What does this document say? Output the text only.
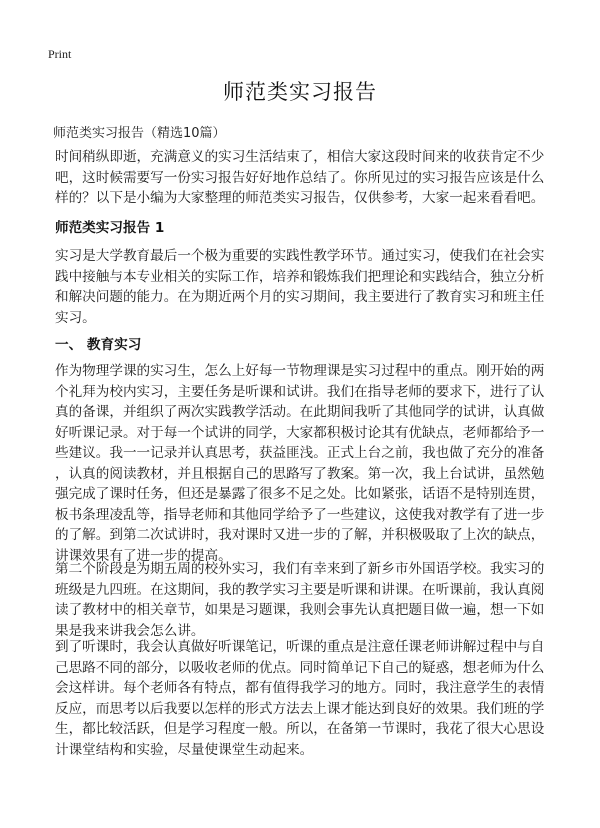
Print
师范类实习报告
师范类实习报告（精选10篇）
时间稍纵即逝，充满意义的实习生活结束了，相信大家这段时间来的收获肯定不少
吧，这时候需要写一份实习报告好好地作总结了。你所见过的实习报告应该是什么
样的？以下是小编为大家整理的师范类实习报告，仅供参考，大家一起来看看吧。
师范类实习报告 1
实习是大学教育最后一个极为重要的实践性教学环节。通过实习，使我们在社会实
践中接触与本专业相关的实际工作，培养和锻炼我们把理论和实践结合，独立分析
和解决问题的能力。在为期近两个月的实习期间，我主要进行了教育实习和班主任
实习。
一、 教育实习
作为物理学课的实习生，怎么上好每一节物理课是实习过程中的重点。刚开始的两
个礼拜为校内实习，主要任务是听课和试讲。我们在指导老师的要求下，进行了认
真的备课，并组织了两次实践教学活动。在此期间我听了其他同学的试讲，认真做
好听课记录。对于每一个试讲的同学，大家都积极讨论其有优缺点，老师都给予一
些建议。我一一记录并认真思考，获益匪浅。正式上台之前，我也做了充分的准备
，认真的阅读教材，并且根据自己的思路写了教案。第一次，我上台试讲，虽然勉
强完成了课时任务，但还是暴露了很多不足之处。比如紧张，话语不是特别连贯，
板书条理凌乱等，指导老师和其他同学给予了一些建议，这使我对教学有了进一步
的了解。到第二次试讲时，我对课时又进一步的了解，并积极吸取了上次的缺点，
讲课效果有了进一步的提高。
第二个阶段是为期五周的校外实习，我们有幸来到了新乡市外国语学校。我实习的
班级是九四班。在这期间，我的教学实习主要是听课和讲课。在听课前，我认真阅
读了教材中的相关章节，如果是习题课，我则会事先认真把题目做一遍，想一下如
果是我来讲我会怎么讲。
到了听课时，我会认真做好听课笔记，听课的重点是注意任课老师讲解过程中与自
己思路不同的部分，以吸收老师的优点。同时简单记下自己的疑惑，想老师为什么
会这样讲。每个老师各有特点，都有值得我学习的地方。同时，我注意学生的表情
反应，而思考以后我要以怎样的形式方法去上课才能达到良好的效果。我们班的学
生，都比较活跃，但是学习程度一般。所以，在备第一节课时，我花了很大心思设
计课堂结构和实验，尽量使课堂生动起来。
